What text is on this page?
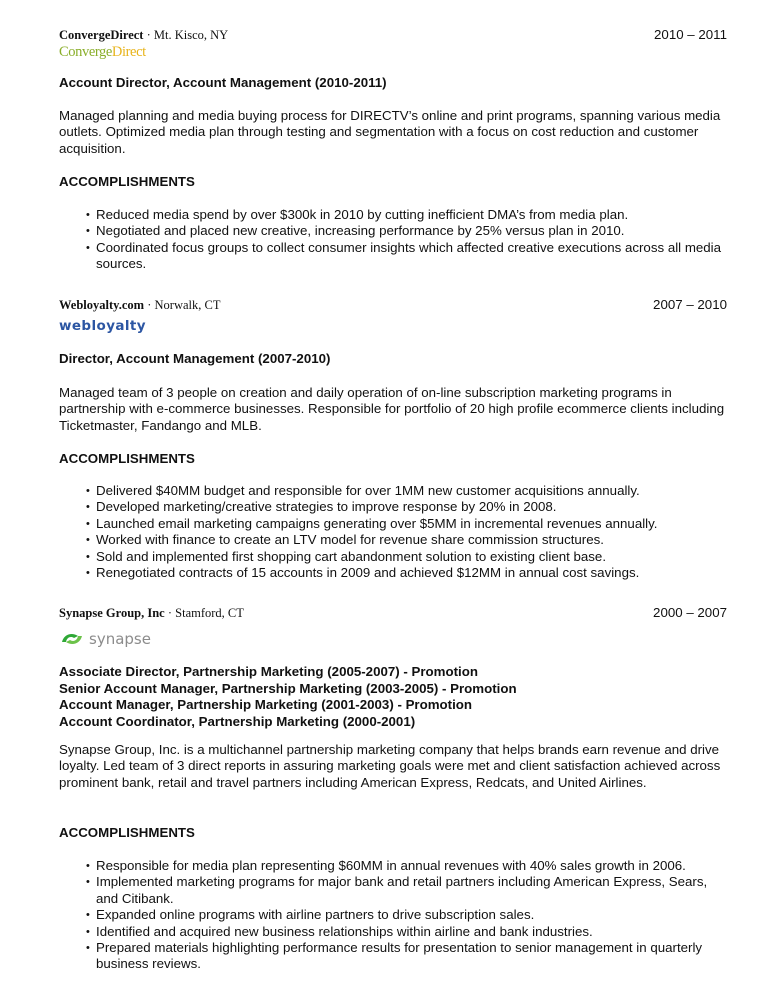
ConvergeDirect · Mt. Kisco, NY	2010 – 2011
ConvergeDirect
Account Director, Account Management (2010-2011)
Managed planning and media buying process for DIRECTV’s online and print programs, spanning various media outlets. Optimized media plan through testing and segmentation with a focus on cost reduction and customer acquisition.
ACCOMPLISHMENTS
• Reduced media spend by over $300k in 2010 by cutting inefficient DMA’s from media plan.
• Negotiated and placed new creative, increasing performance by 25% versus plan in 2010.
• Coordinated focus groups to collect consumer insights which affected creative executions across all media sources.
Webloyalty.com · Norwalk, CT	2007 – 2010
webloyalty
Director, Account Management (2007-2010)
Managed team of 3 people on creation and daily operation of on-line subscription marketing programs in partnership with e-commerce businesses. Responsible for portfolio of 20 high profile ecommerce clients including Ticketmaster, Fandango and MLB.
ACCOMPLISHMENTS
• Delivered $40MM budget and responsible for over 1MM new customer acquisitions annually.
• Developed marketing/creative strategies to improve response by 20% in 2008.
• Launched email marketing campaigns generating over $5MM in incremental revenues annually.
• Worked with finance to create an LTV model for revenue share commission structures.
• Sold and implemented first shopping cart abandonment solution to existing client base.
• Renegotiated contracts of 15 accounts in 2009 and achieved $12MM in annual cost savings.
Synapse Group, Inc · Stamford, CT	2000 – 2007
synapse
Associate Director, Partnership Marketing (2005-2007) - Promotion
Senior Account Manager, Partnership Marketing (2003-2005) - Promotion
Account Manager, Partnership Marketing (2001-2003) - Promotion
Account Coordinator, Partnership Marketing (2000-2001)
Synapse Group, Inc. is a multichannel partnership marketing company that helps brands earn revenue and drive loyalty. Led team of 3 direct reports in assuring marketing goals were met and client satisfaction achieved across prominent bank, retail and travel partners including American Express, Redcats, and United Airlines.
ACCOMPLISHMENTS
• Responsible for media plan representing $60MM in annual revenues with 40% sales growth in 2006.
• Implemented marketing programs for major bank and retail partners including American Express, Sears, and Citibank.
• Expanded online programs with airline partners to drive subscription sales.
• Identified and acquired new business relationships within airline and bank industries.
• Prepared materials highlighting performance results for presentation to senior management in quarterly business reviews.
